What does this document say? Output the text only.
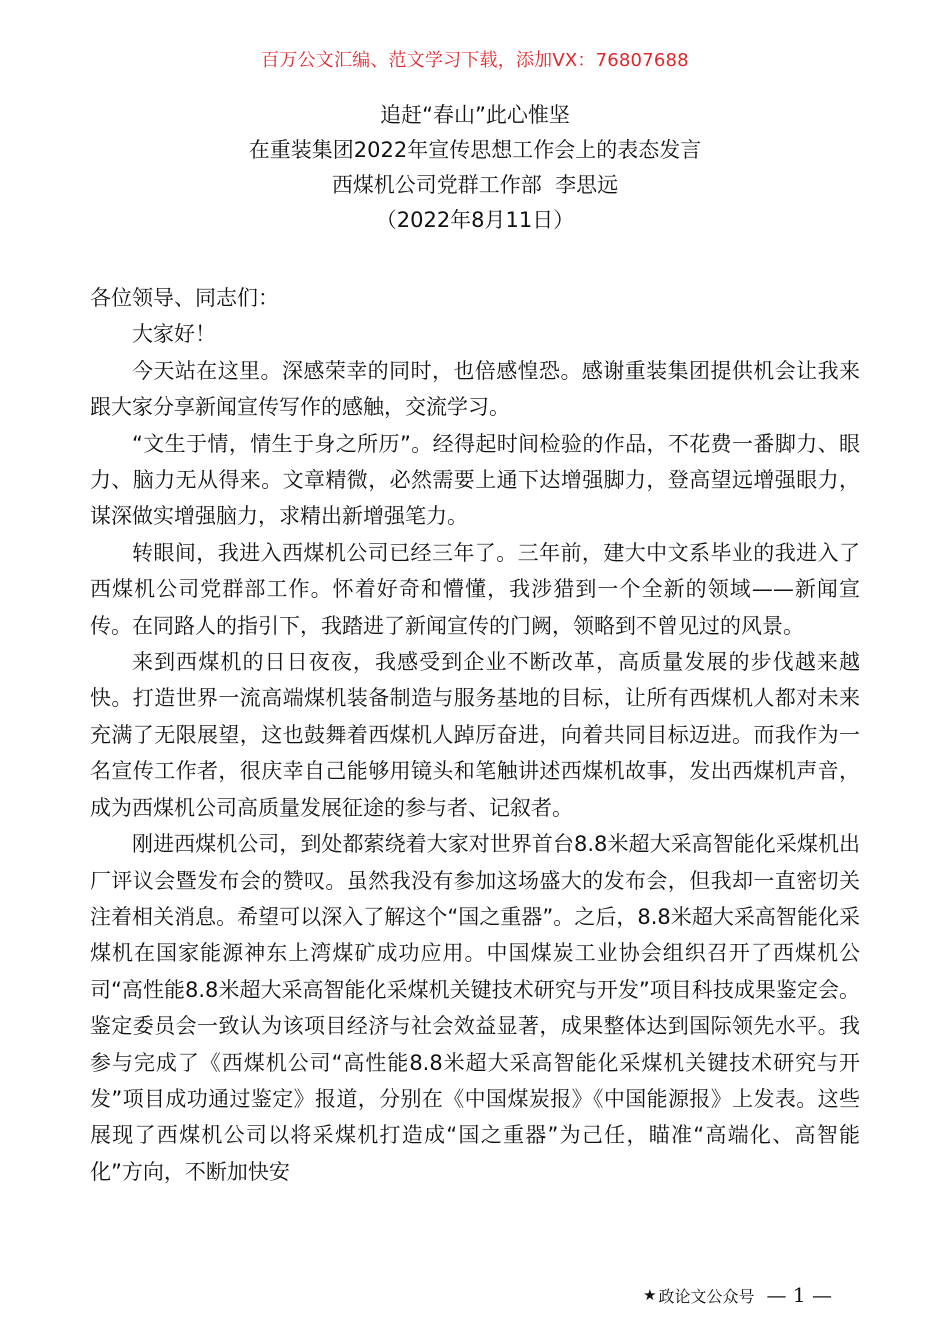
百万公文汇编、范文学习下载，添加VX：76807688
追赶“春山”此心惟坚
在重装集团2022年宣传思想工作会上的表态发言
西煤机公司党群工作部  李思远
（2022年8月11日）

各位领导、同志们：

大家好！

今天站在这里。深感荣幸的同时，也倍感惶恐。感谢重装集团提供机会让我来跟大家分享新闻宣传写作的感触，交流学习。

“文生于情，情生于身之所历”。经得起时间检验的作品，不花费一番脚力、眼力、脑力无从得来。文章精微，必然需要上通下达增强脚力，登高望远增强眼力，谋深做实增强脑力，求精出新增强笔力。

转眼间，我进入西煤机公司已经三年了。三年前，建大中文系毕业的我进入了西煤机公司党群部工作。怀着好奇和懵懂，我涉猎到一个全新的领域——新闻宣传。在同路人的指引下，我踏进了新闻宣传的门阙，领略到不曾见过的风景。

来到西煤机的日日夜夜，我感受到企业不断改革，高质量发展的步伐越来越快。打造世界一流高端煤机装备制造与服务基地的目标，让所有西煤机人都对未来充满了无限展望，这也鼓舞着西煤机人踔厉奋进，向着共同目标迈进。而我作为一名宣传工作者，很庆幸自己能够用镜头和笔触讲述西煤机故事，发出西煤机声音，成为西煤机公司高质量发展征途的参与者、记叙者。

刚进西煤机公司，到处都萦绕着大家对世界首台8.8米超大采高智能化采煤机出厂评议会暨发布会的赞叹。虽然我没有参加这场盛大的发布会，但我却一直密切关注着相关消息。希望可以深入了解这个“国之重器”。之后，8.8米超大采高智能化采煤机在国家能源神东上湾煤矿成功应用。中国煤炭工业协会组织召开了西煤机公司“高性能8.8米超大采高智能化采煤机关键技术研究与开发”项目科技成果鉴定会。鉴定委员会一致认为该项目经济与社会效益显著，成果整体达到国际领先水平。我参与完成了《西煤机公司“高性能8.8米超大采高智能化采煤机关键技术研究与开发”项目成功通过鉴定》报道，分别在《中国煤炭报》《中国能源报》上发表。这些展现了西煤机公司以将采煤机打造成“国之重器”为己任，瞄准“高端化、高智能化”方向，不断加快安

★ 政论文公众号 — 1 —
